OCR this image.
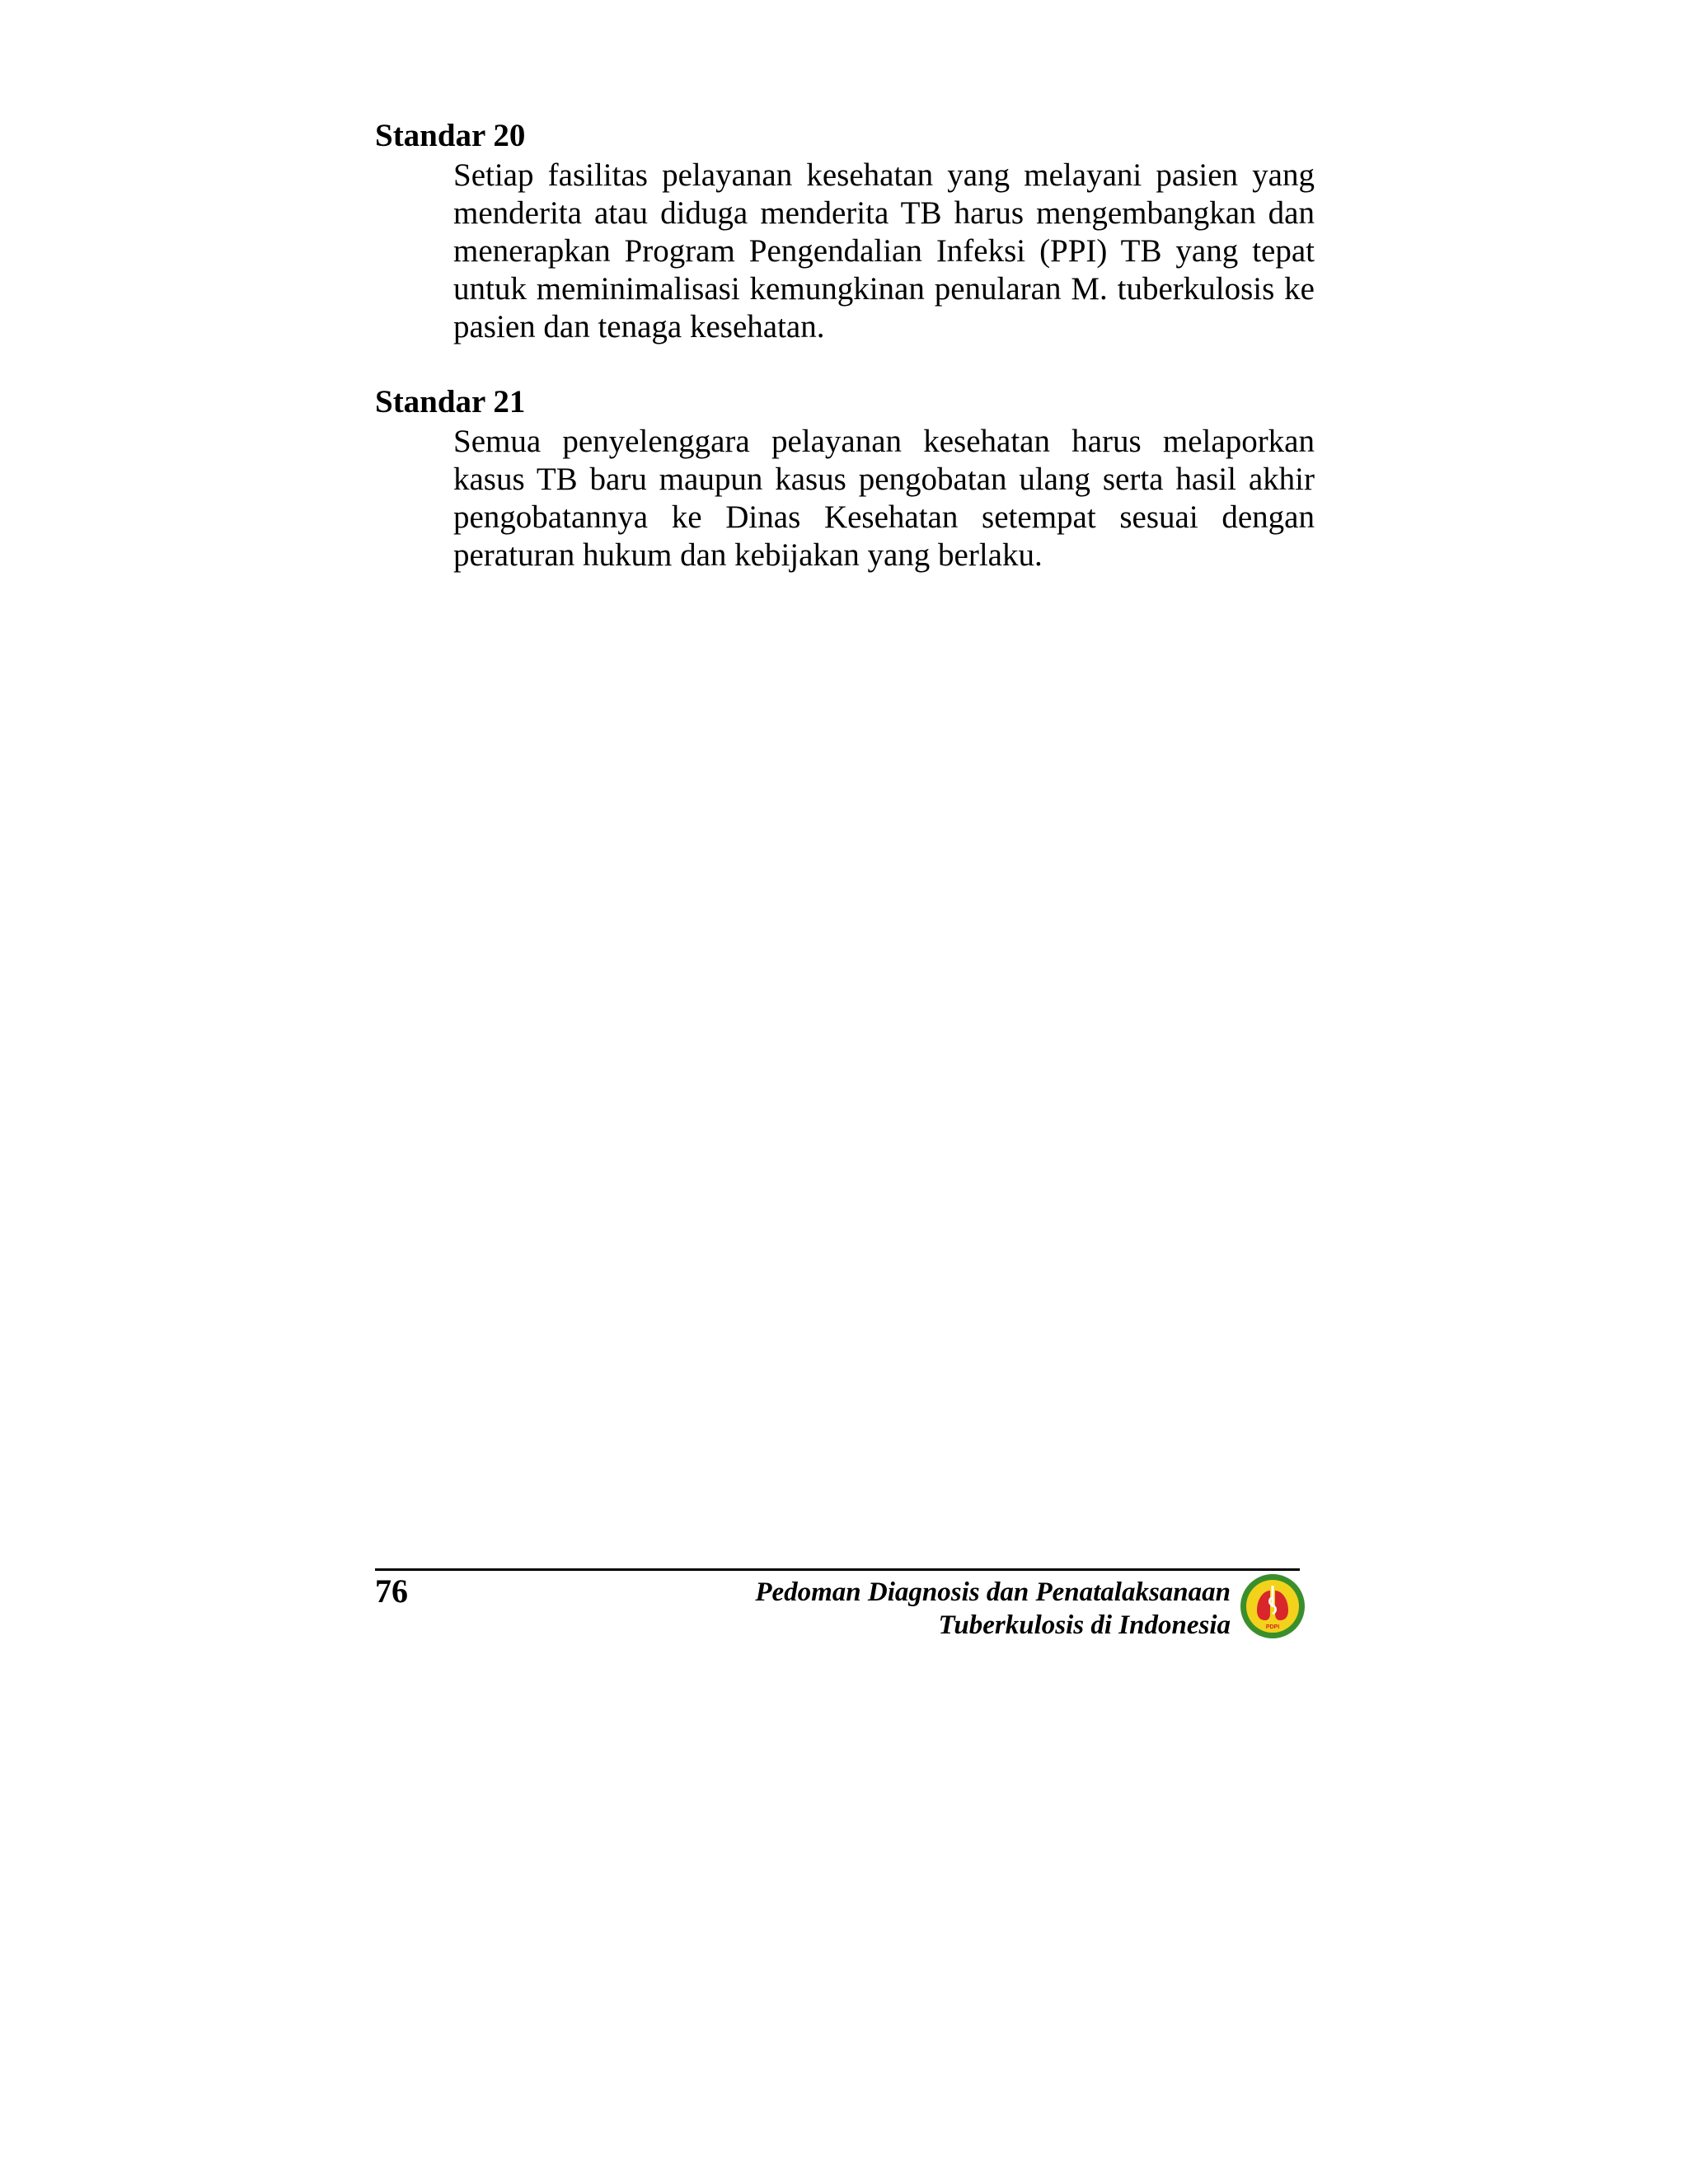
Standar 20

Setiap fasilitas pelayanan kesehatan yang melayani pasien yang menderita atau diduga menderita TB harus mengembangkan dan menerapkan Program Pengendalian Infeksi (PPI) TB yang tepat untuk meminimalisasi kemungkinan penularan M. tuberkulosis ke pasien dan tenaga kesehatan.

Standar 21

Semua penyelenggara pelayanan kesehatan harus melaporkan kasus TB baru maupun kasus pengobatan ulang serta hasil akhir pengobatannya ke Dinas Kesehatan setempat sesuai dengan peraturan hukum dan kebijakan yang berlaku.

76	Pedoman Diagnosis dan Penatalaksanaan
Tuberkulosis di Indonesia	PDPI
